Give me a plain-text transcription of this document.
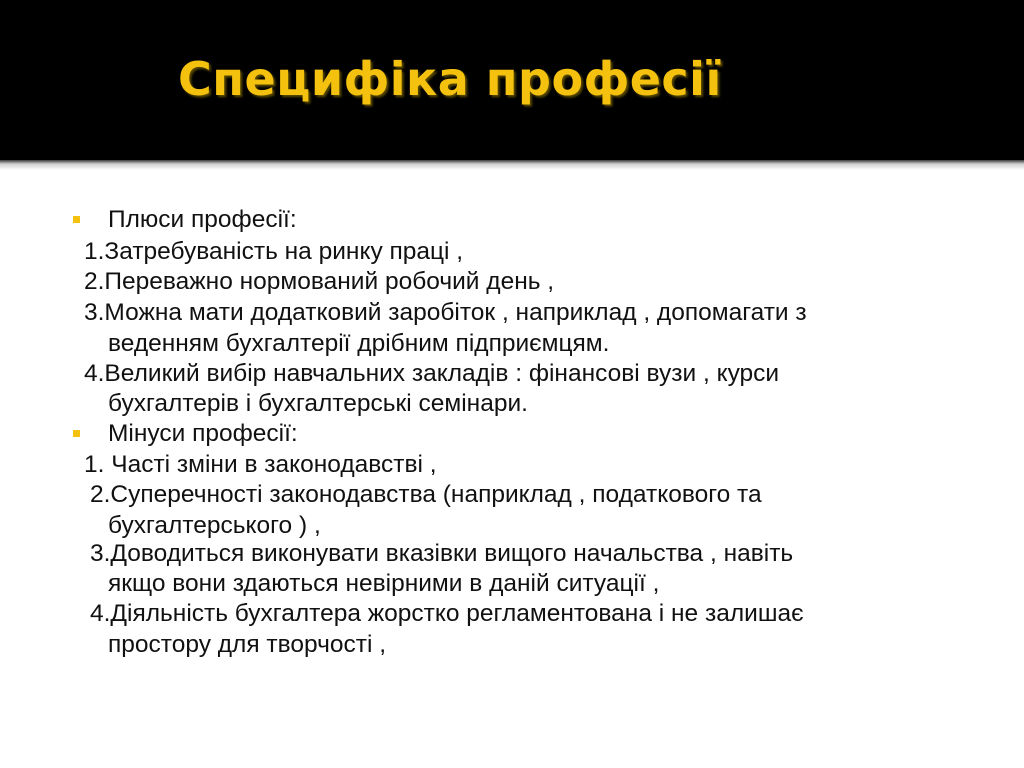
Специфіка професії

Плюси професії:

1.Затребуваність на ринку праці ,

2.Переважно нормований робочий день ,

3.Можна мати додатковий заробіток , наприклад , допомагати з

веденням бухгалтерії дрібним підприємцям.

4.Великий вибір навчальних закладів : фінансові вузи , курси

бухгалтерів і бухгалтерські семінари.

Мінуси професії:

1. Часті зміни в законодавстві ,

2.Суперечності законодавства (наприклад , податкового та

бухгалтерського ) ,

3.Доводиться виконувати вказівки вищого начальства , навіть

якщо вони здаються невірними в даній ситуації ,

4.Діяльність бухгалтера жорстко регламентована і не залишає

простору для творчості ,
